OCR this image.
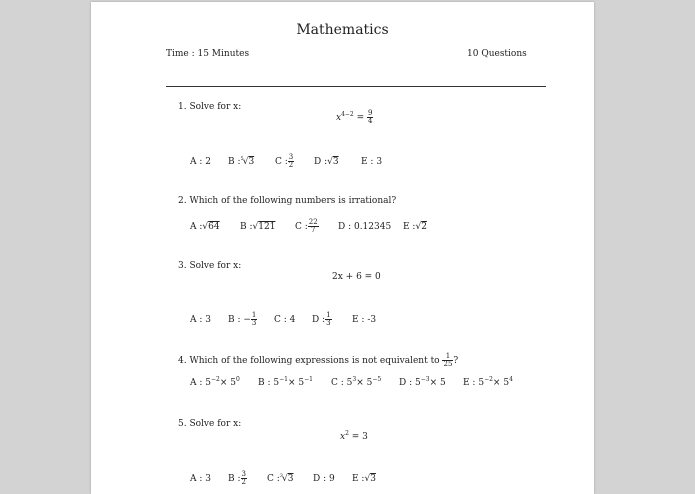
Mathematics
Time : 15 Minutes	10 Questions
1. Solve for x:
$x^{4-2} = \frac{9}{4}$
A : 2 B :5√3 C : $\frac{3}{2}$ D :√3 E : 3
2. Which of the following numbers is irrational?
A :√64 B :√121 C : $\frac{22}{7}$ D : 0.12345 E :√2
3. Solve for x:
2x + 6 = 0
A : 3 B : − $\frac{1}{3}$ C : 4 D : $\frac{1}{3}$ E : -3
4. Which of the following expressions is not equivalent to $\frac{1}{25}$ ?
A : $5^{-2}\times 5^0$ B : $5^{-1}\times 5^{-1}$ C : $5^3\times 5^{-5}$ D : $5^{-3}\times 5$ E : $5^{-2}\times 5^4$
5. Solve for x:
$x^2 = 3$
A : 3 B : $\frac{3}{2}$ C :3√3 D : 9 E :√3
